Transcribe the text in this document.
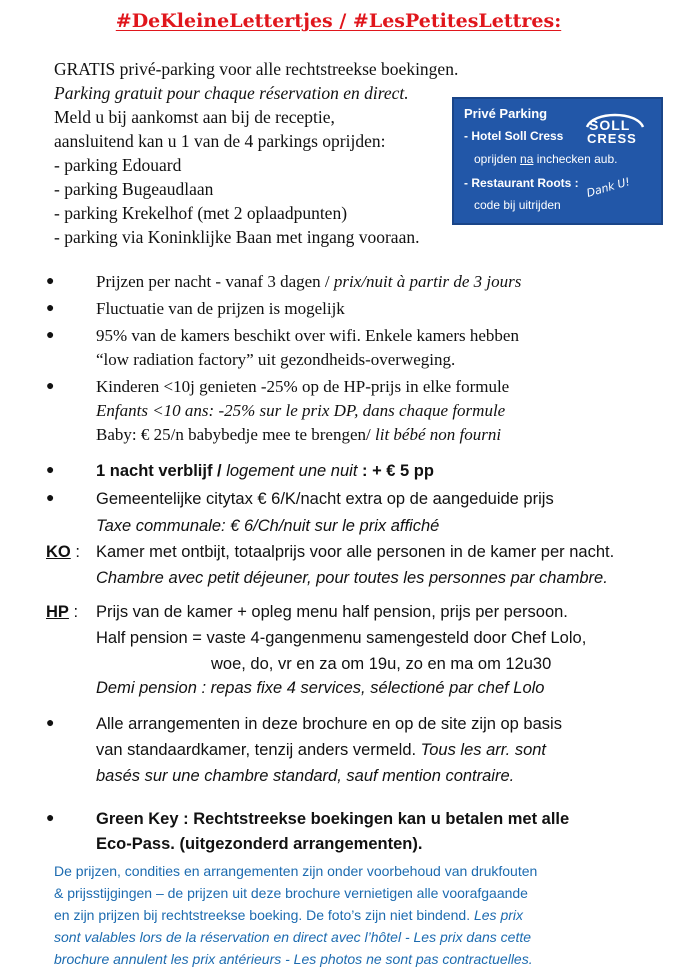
#DeKleineLettertjes / #LesPetitesLettres:
GRATIS privé-parking voor alle rechtstreekse boekingen.
Parking gratuit pour chaque réservation en direct.
Meld u bij aankomst aan bij de receptie,
aansluitend kan u 1 van de 4 parkings oprijden:
- parking Edouard
- parking Bugeaudlaan
- parking Krekelhof (met 2 oplaadpunten)
- parking via Koninklijke Baan met ingang vooraan.
Privé Parking
- Hotel Soll Cress
oprijden na inchecken aub.
- Restaurant Roots :
code bij uitrijden
Dank U!
SOLL
CRESS
● Prijzen per nacht - vanaf 3 dagen / prix/nuit à partir de 3 jours
● Fluctuatie van de prijzen is mogelijk
● 95% van de kamers beschikt over wifi. Enkele kamers hebben
“low radiation factory” uit gezondheids-overweging.
● Kinderen <10j genieten -25% op de HP-prijs in elke formule
Enfants <10 ans: -25% sur le prix DP, dans chaque formule
Baby: € 25/n babybedje mee te brengen/ lit bébé non fourni
●	1 nacht verblijf / logement une nuit : + € 5 pp
●	Gemeentelijke citytax € 6/K/nacht extra op de aangeduide prijs
Taxe communale: € 6/Ch/nuit sur le prix affiché
KO : Kamer met ontbijt, totaalprijs voor alle personen in de kamer per nacht.
Chambre avec petit déjeuner, pour toutes les personnes par chambre.
HP : Prijs van de kamer + opleg menu half pension, prijs per persoon.
Half pension = vaste 4-gangenmenu samengesteld door Chef Lolo,
woe, do, vr en za om 19u, zo en ma om 12u30
Demi pension : repas fixe 4 services, sélectioné par chef Lolo
●	Alle arrangementen in deze brochure en op de site zijn op basis
van standaardkamer, tenzij anders vermeld. Tous les arr. sont
basés sur une chambre standard, sauf mention contraire.
●	Green Key : Rechtstreekse boekingen kan u betalen met alle
Eco-Pass. (uitgezonderd arrangementen).
De prijzen, condities en arrangementen zijn onder voorbehoud van drukfouten
& prijsstijgingen – de prijzen uit deze brochure vernietigen alle voorafgaande
en zijn prijzen bij rechtstreekse boeking. De foto’s zijn niet bindend. Les prix
sont valables lors de la réservation en direct avec l’hôtel - Les prix dans cette
brochure annulent les prix antérieurs - Les photos ne sont pas contractuelles.
